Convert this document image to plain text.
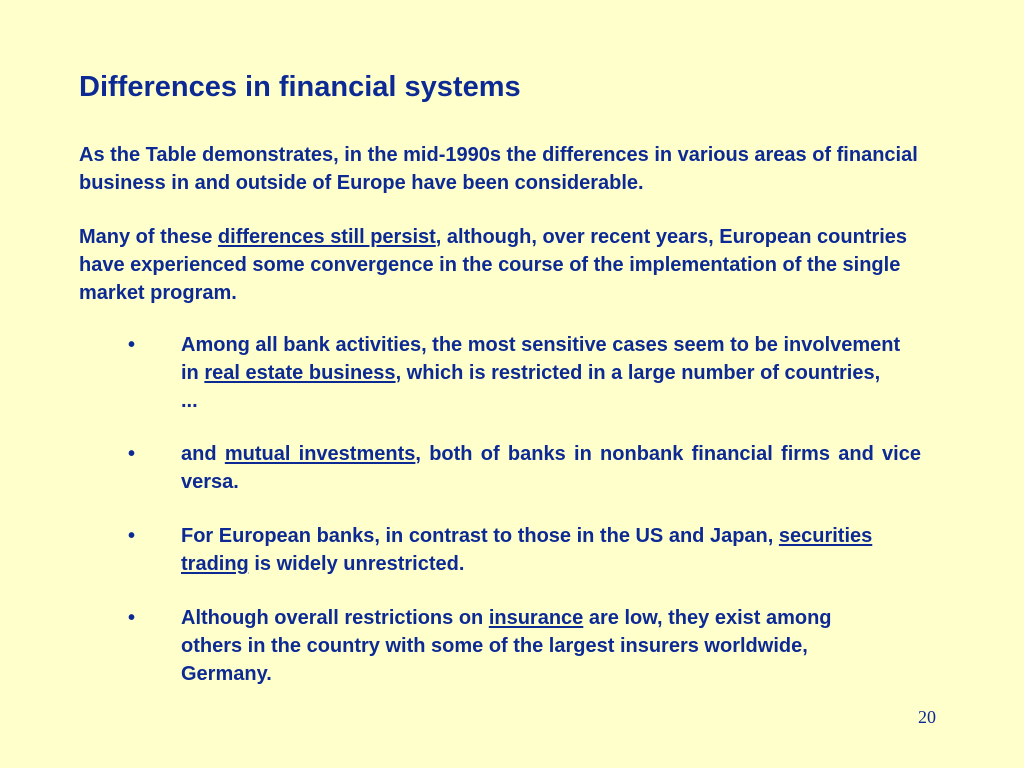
Differences in financial systems

As the Table demonstrates, in the mid-1990s the differences in various areas of financial business in and outside of Europe have been considerable.

Many of these differences still persist, although, over recent years, European countries have experienced some convergence in the course of the implementation of the single market program.

• Among all bank activities, the most sensitive cases seem to be involvement in real estate business, which is restricted in a large number of countries, ...
• and mutual investments, both of banks in nonbank financial firms and vice versa.
• For European banks, in contrast to those in the US and Japan, securities trading is widely unrestricted.
• Although overall restrictions on insurance are low, they exist among others in the country with some of the largest insurers worldwide, Germany.
20
